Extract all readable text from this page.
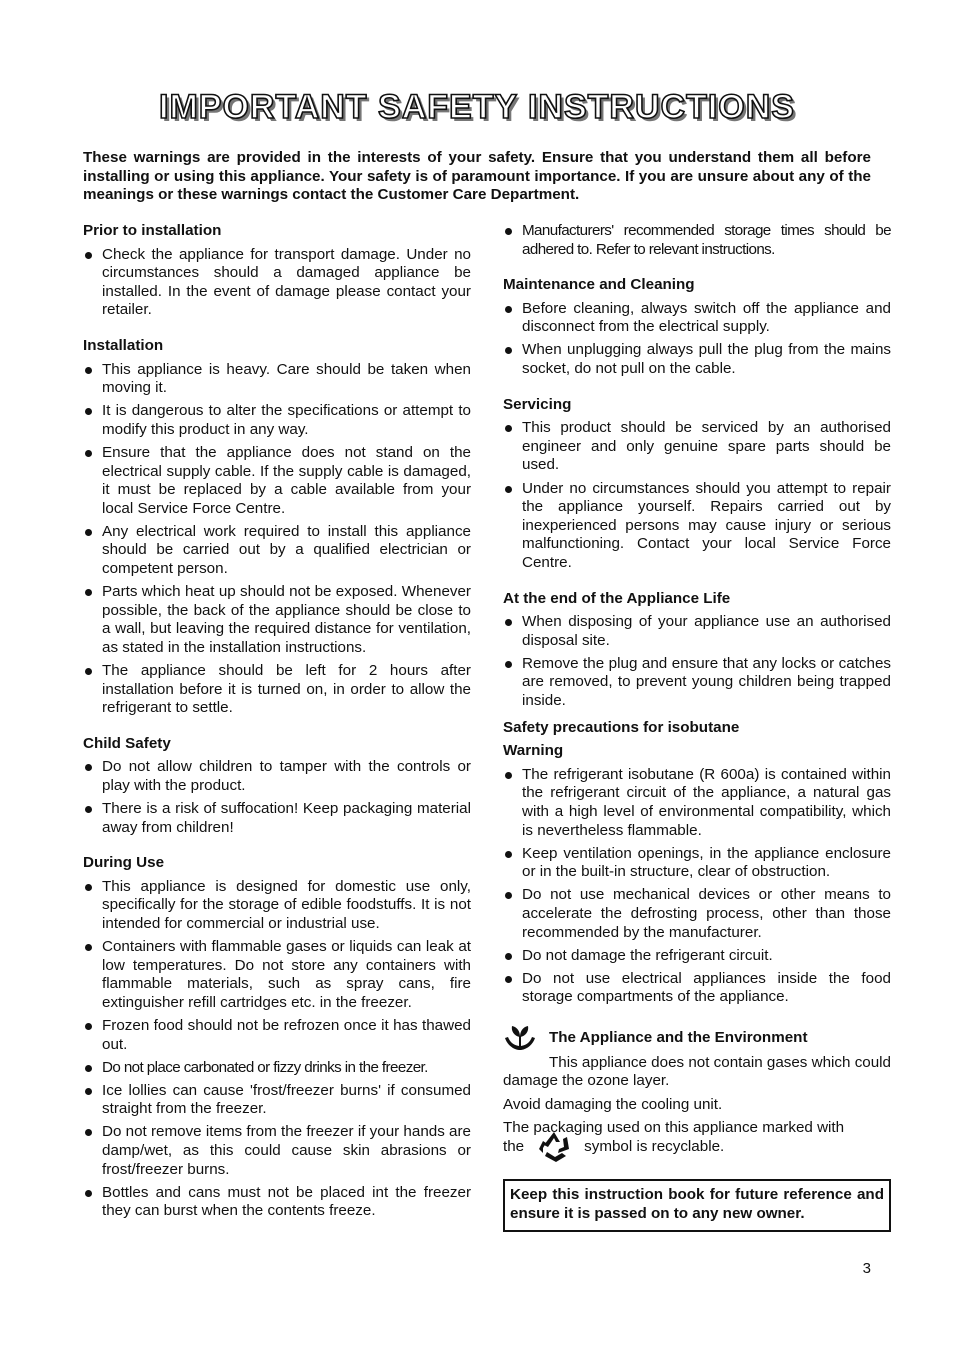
IMPORTANT SAFETY INSTRUCTIONS

These warnings are provided in the interests of your safety. Ensure that you understand them all before installing or using this appliance. Your safety is of paramount importance. If you are unsure about any of the meanings or these warnings contact the Customer Care Department.

Prior to installation
Check the appliance for transport damage. Under no circumstances should a damaged appliance be installed. In the event of damage please contact your retailer.
Installation
This appliance is heavy. Care should be taken when moving it.
It is dangerous to alter the specifications or attempt to modify this product in any way.
Ensure that the appliance does not stand on the electrical supply cable. If the supply cable is damaged, it must be replaced by a cable available from your local Service Force Centre.
Any electrical work required to install this appliance should be carried out by a qualified electrician or competent person.
Parts which heat up should not be exposed. Whenever possible, the back of the appliance should be close to a wall, but leaving the required distance for ventilation, as stated in the installation instructions.
The appliance should be left for 2 hours after installation before it is turned on, in order to allow the refrigerant to settle.
Child Safety
Do not allow children to tamper with the controls or play with the product.
There is a risk of suffocation! Keep packaging material away from children!
During Use
This appliance is designed for domestic use only, specifically for the storage of edible foodstuffs. It is not intended for commercial or industrial use.
Containers with flammable gases or liquids can leak at low temperatures. Do not store any containers with flammable materials, such as spray cans, fire extinguisher refill cartridges etc. in the freezer.
Frozen food should not be refrozen once it has thawed out.
Do not place carbonated or fizzy drinks in the freezer.
Ice lollies can cause 'frost/freezer burns' if consumed straight from the freezer.
Do not remove items from the freezer if your hands are damp/wet, as this could cause skin abrasions or frost/freezer burns.
Bottles and cans must not be placed int the freezer they can burst when the contents freeze.
Manufacturers' recommended storage times should be adhered to. Refer to relevant instructions.
Maintenance and Cleaning
Before cleaning, always switch off the appliance and disconnect from the electrical supply.
When unplugging always pull the plug from the mains socket, do not pull on the cable.
Servicing
This product should be serviced by an authorised engineer and only genuine spare parts should be used.
Under no circumstances should you attempt to repair the appliance yourself. Repairs carried out by inexperienced persons may cause injury or serious malfunctioning. Contact your local Service Force Centre.
At the end of the Appliance Life
When disposing of your appliance use an authorised disposal site.
Remove the plug and ensure that any locks or catches are removed, to prevent young children being trapped inside.
Safety precautions for isobutane
Warning
The refrigerant isobutane (R 600a) is contained within the refrigerant circuit of the appliance, a natural gas with a high level of environmental compatibility, which is nevertheless flammable.
Keep ventilation openings, in the appliance enclosure or in the built-in structure, clear of obstruction.
Do not use mechanical devices or other means to accelerate the defrosting process, other than those recommended by the manufacturer.
Do not damage the refrigerant circuit.
Do not use electrical appliances inside the food storage compartments of the appliance.
The Appliance and the Environment

This appliance does not contain gases which could damage the ozone layer.

Avoid damaging the cooling unit.

The packaging used on this appliance marked with

the	symbol is recyclable.
Keep this instruction book for future reference and ensure it is passed on to any new owner.
3
